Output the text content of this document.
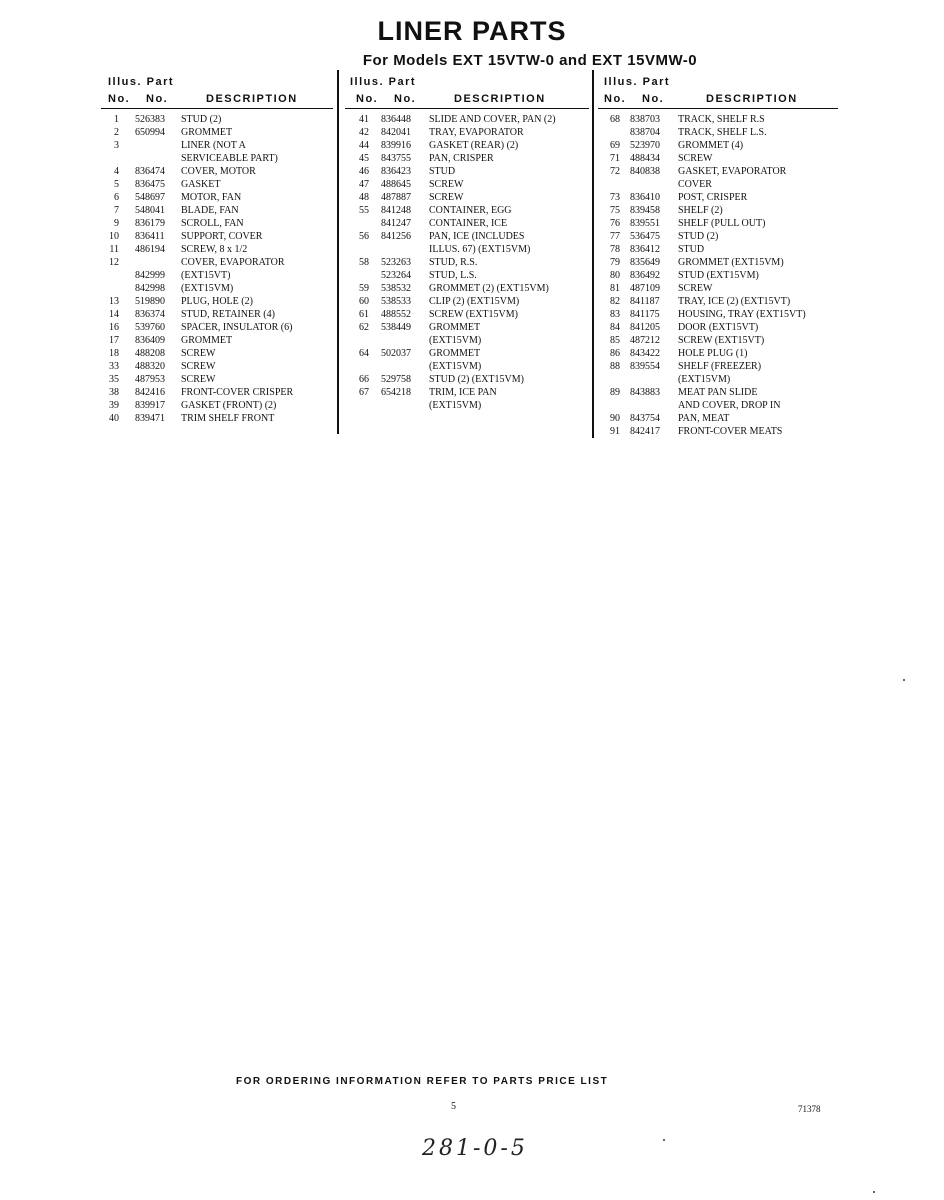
LINER PARTS
For Models EXT 15VTW-0 and EXT 15VMW-0
Illus. Part
No. No.	DESCRIPTION
1 526383 STUD (2)
2 650994 GROMMET
3	LINER (NOT A
SERVICEABLE PART)
4 836474 COVER, MOTOR
5 836475 GASKET
6 548697 MOTOR, FAN
7 548041 BLADE, FAN
9 836179 SCROLL, FAN
10 836411 SUPPORT, COVER
11 486194 SCREW, 8 x 1/2
12	COVER, EVAPORATOR
842999 (EXT15VT)
842998 (EXT15VM)
13 519890 PLUG, HOLE (2)
14 836374 STUD, RETAINER (4)
16 539760 SPACER, INSULATOR (6)
17 836409 GROMMET
18 488208 SCREW
33 488320 SCREW
35 487953 SCREW
38 842416 FRONT-COVER CRISPER
39 839917 GASKET (FRONT) (2)
40 839471 TRIM SHELF FRONT
Illus. Part
No. No.	DESCRIPTION
41 836448 SLIDE AND COVER, PAN (2)
42 842041 TRAY, EVAPORATOR
44 839916 GASKET (REAR) (2)
45 843755 PAN, CRISPER
46 836423 STUD
47 488645 SCREW
48 487887 SCREW
55 841248 CONTAINER, EGG
841247 CONTAINER, ICE
56 841256 PAN, ICE (INCLUDES
ILLUS. 67) (EXT15VM)
58 523263 STUD, R.S.
523264 STUD, L.S.
59 538532 GROMMET (2) (EXT15VM)
60 538533 CLIP (2) (EXT15VM)
61 488552 SCREW (EXT15VM)
62 538449 GROMMET
(EXT15VM)
64 502037 GROMMET
(EXT15VM)
66 529758 STUD (2) (EXT15VM)
67 654218 TRIM, ICE PAN
(EXT15VM)
Illus. Part
No. No.	DESCRIPTION
68 838703 TRACK, SHELF R.S
838704 TRACK, SHELF L.S.
69 523970 GROMMET (4)
71 488434 SCREW
72 840838 GASKET, EVAPORATOR
COVER
73 836410 POST, CRISPER
75 839458 SHELF (2)
76 839551 SHELF (PULL OUT)
77 536475 STUD (2)
78 836412 STUD
79 835649 GROMMET (EXT15VM)
80 836492 STUD (EXT15VM)
81 487109 SCREW
82 841187 TRAY, ICE (2) (EXT15VT)
83 841175 HOUSING, TRAY (EXT15VT)
84 841205 DOOR (EXT15VT)
85 487212 SCREW (EXT15VT)
86 843422 HOLE PLUG (1)
88 839554 SHELF (FREEZER)
(EXT15VM)
89 843883 MEAT PAN SLIDE
AND COVER, DROP IN
90 843754 PAN, MEAT
91 842417 FRONT-COVER MEATS
FOR ORDERING INFORMATION REFER TO PARTS PRICE LIST
5	71378
281-0-5
